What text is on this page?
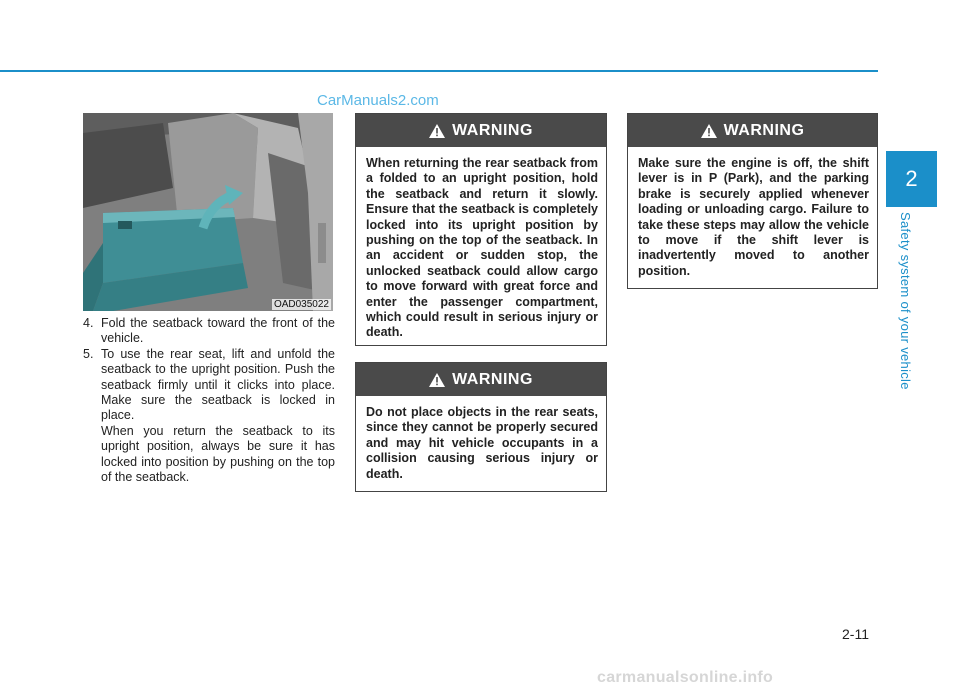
CarManuals2.com
OAD035022
4. Fold the seatback toward the front of the vehicle.
5. To use the rear seat, lift and unfold the seatback to the upright position. Push the seatback firmly until it clicks into place. Make sure the seatback is locked in place.
When you return the seatback to its upright position, always be sure it has locked into position by pushing on the top of the seatback.
WARNING
When returning the rear seatback from a folded to an upright position, hold the seatback and return it slowly. Ensure that the seatback is completely locked into its upright position by pushing on the top of the seatback. In an accident or sudden stop, the unlocked seatback could allow cargo to move forward with great force and enter the passenger compartment, which could result in serious injury or death.
WARNING
Do not place objects in the rear seats, since they cannot be properly secured and may hit vehicle occupants in a collision causing serious injury or death.
WARNING
Make sure the engine is off, the shift lever is in P (Park), and the parking brake is securely applied whenever loading or unloading cargo. Failure to take these steps may allow the vehicle to move if the shift lever is inadvertently moved to another position.
2
Safety system of your vehicle
2-11
carmanualsonline.info
